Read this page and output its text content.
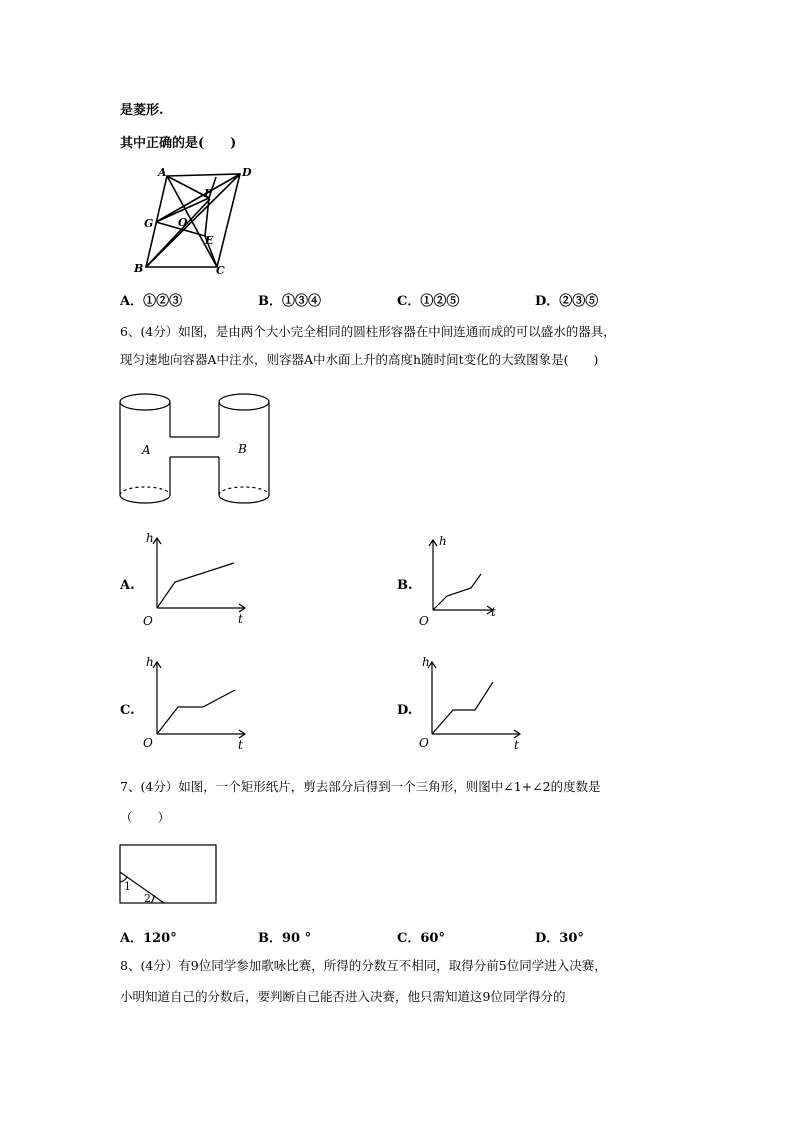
是菱形.
其中正确的是(　　)
A	D
F
G O
E
B	C
A．①②③	B．①③④	C．①②⑤	D．②③⑤
6、(4分）如图，是由两个大小完全相同的圆柱形容器在中间连通而成的可以盛水的器具，
现匀速地向容器A中注水，则容器A中水面上升的高度h随时间t变化的大致图象是(　　)
A	B
A.
h
O	t
B.
h
O
t
C.
h
O	t
D.
h
O	t
7、(4分）如图，一个矩形纸片，剪去部分后得到一个三角形，则图中∠1+∠2的度数是
（　　）
1
2
A．120°	B．90 °	C．60°	D．30°
8、(4分）有9位同学参加歌咏比赛，所得的分数互不相同，取得分前5位同学进入决赛，
小明知道自己的分数后，要判断自己能否进入决赛，他只需知道这9位同学得分的
